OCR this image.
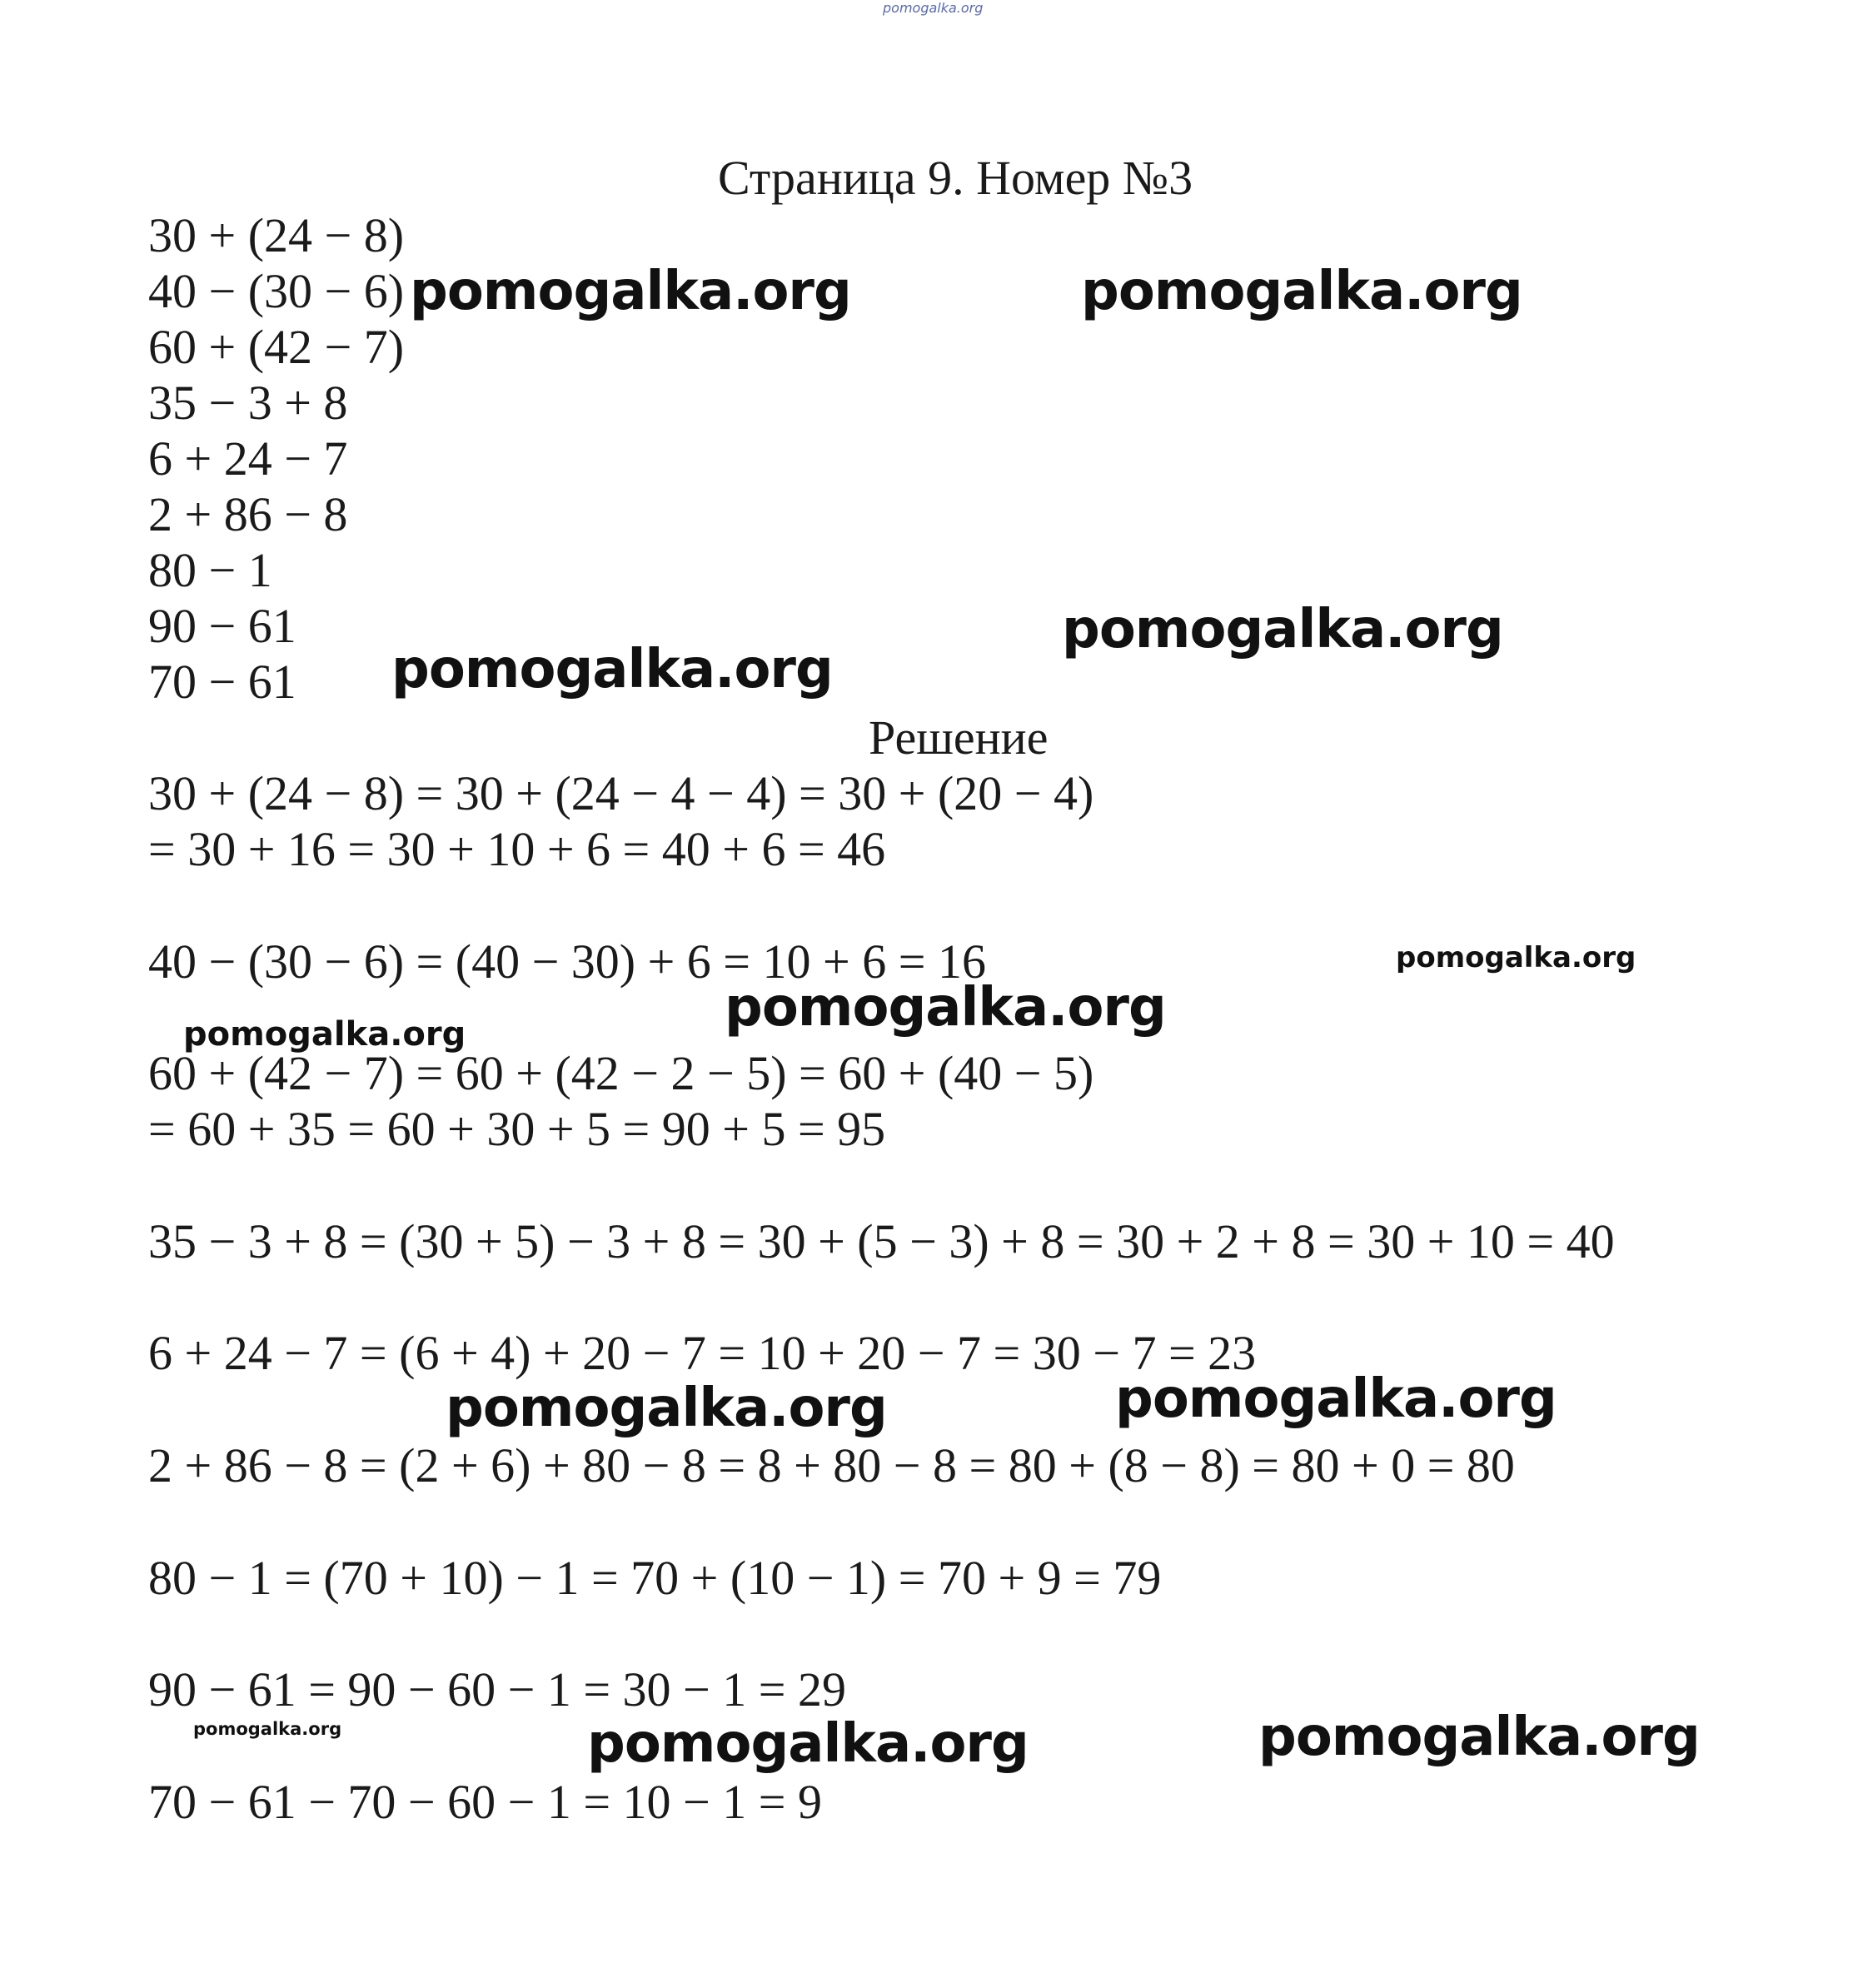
pomogalka.org
Страница 9. Номер №3
30 + (24 − 8)
40 − (30 − 6)
60 + (42 − 7)
35 − 3 + 8
6 + 24 − 7
2 + 86 − 8
80 − 1
90 − 61
70 − 61
Решение
30 + (24 − 8) = 30 + (24 − 4 − 4) = 30 + (20 − 4)
= 30 + 16 = 30 + 10 + 6 = 40 + 6 = 46
40 − (30 − 6) = (40 − 30) + 6 = 10 + 6 = 16
60 + (42 − 7) = 60 + (42 − 2 − 5) = 60 + (40 − 5)
= 60 + 35 = 60 + 30 + 5 = 90 + 5 = 95
35 − 3 + 8 = (30 + 5) − 3 + 8 = 30 + (5 − 3) + 8 = 30 + 2 + 8 = 30 + 10 = 40
6 + 24 − 7 = (6 + 4) + 20 − 7 = 10 + 20 − 7 = 30 − 7 = 23
2 + 86 − 8 = (2 + 6) + 80 − 8 = 8 + 80 − 8 = 80 + (8 − 8) = 80 + 0 = 80
80 − 1 = (70 + 10) − 1 = 70 + (10 − 1) = 70 + 9 = 79
90 − 61 = 90 − 60 − 1 = 30 − 1 = 29
70 − 61 − 70 − 60 − 1 = 10 − 1 = 9
pomogalka.org	pomogalka.org
pomogalka.org
pomogalka.org
pomogalka.org
pomogalka.org
pomogalka.org
pomogalka.org	pomogalka.org
pomogalka.org	pomogalka.org	pomogalka.org
